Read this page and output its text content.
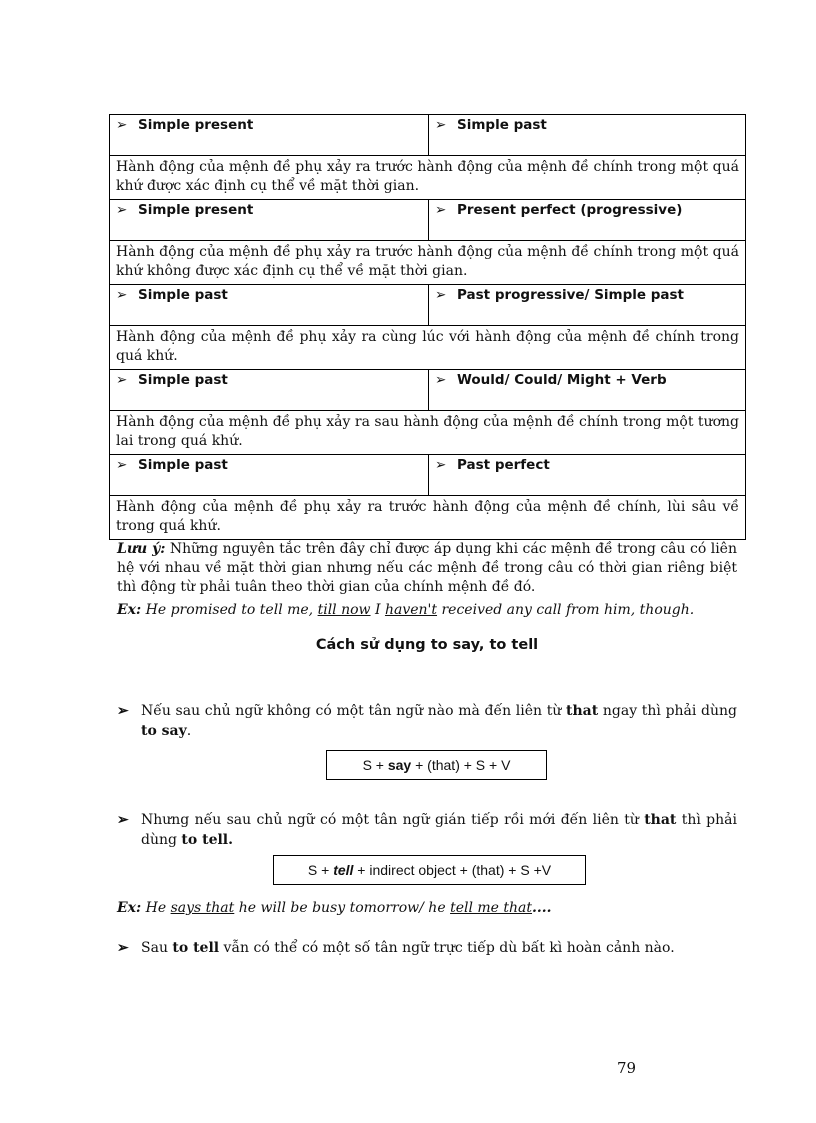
➢ Simple present	➢ Simple past
Hành động của mệnh đề phụ xảy ra trước hành động của mệnh đề chính trong một quá khứ được xác định cụ thể về mặt thời gian.	
➢ Simple present	➢ Present perfect (progressive)
Hành động của mệnh đề phụ xảy ra trước hành động của mệnh đề chính trong một quá khứ không được xác định cụ thể về mặt thời gian.	
➢ Simple past	➢ Past progressive/ Simple past
Hành động của mệnh đề phụ xảy ra cùng lúc với hành động của mệnh đề chính trong quá khứ.	
➢ Simple past	➢ Would/ Could/ Might + Verb
Hành động của mệnh đề phụ xảy ra sau hành động của mệnh đề chính trong một tương lai trong quá khứ.	
➢ Simple past	➢ Past perfect
Hành động của mệnh đề phụ xảy ra trước hành động của mệnh đề chính, lùi sâu về trong quá khứ.	
Lưu ý: Những nguyên tắc trên đây chỉ được áp dụng khi các mệnh đề trong câu có liên hệ với nhau về mặt thời gian nhưng nếu các mệnh đề trong câu có thời gian riêng biệt thì động từ phải tuân theo thời gian của chính mệnh đề đó.
Ex: He promised to tell me, till now I haven't received any call from him, though.
Cách sử dụng to say, to tell
➢ Nếu sau chủ ngữ không có một tân ngữ nào mà đến liên từ that ngay thì phải dùng to say.
S + say + (that) + S + V
➢ Nhưng nếu sau chủ ngữ có một tân ngữ gián tiếp rồi mới đến liên từ that thì phải dùng to tell.
S + tell + indirect object + (that) + S +V
Ex: He says that he will be busy tomorrow/ he tell me that....
➢ Sau to tell vẫn có thể có một số tân ngữ trực tiếp dù bất kì hoàn cảnh nào.
79
